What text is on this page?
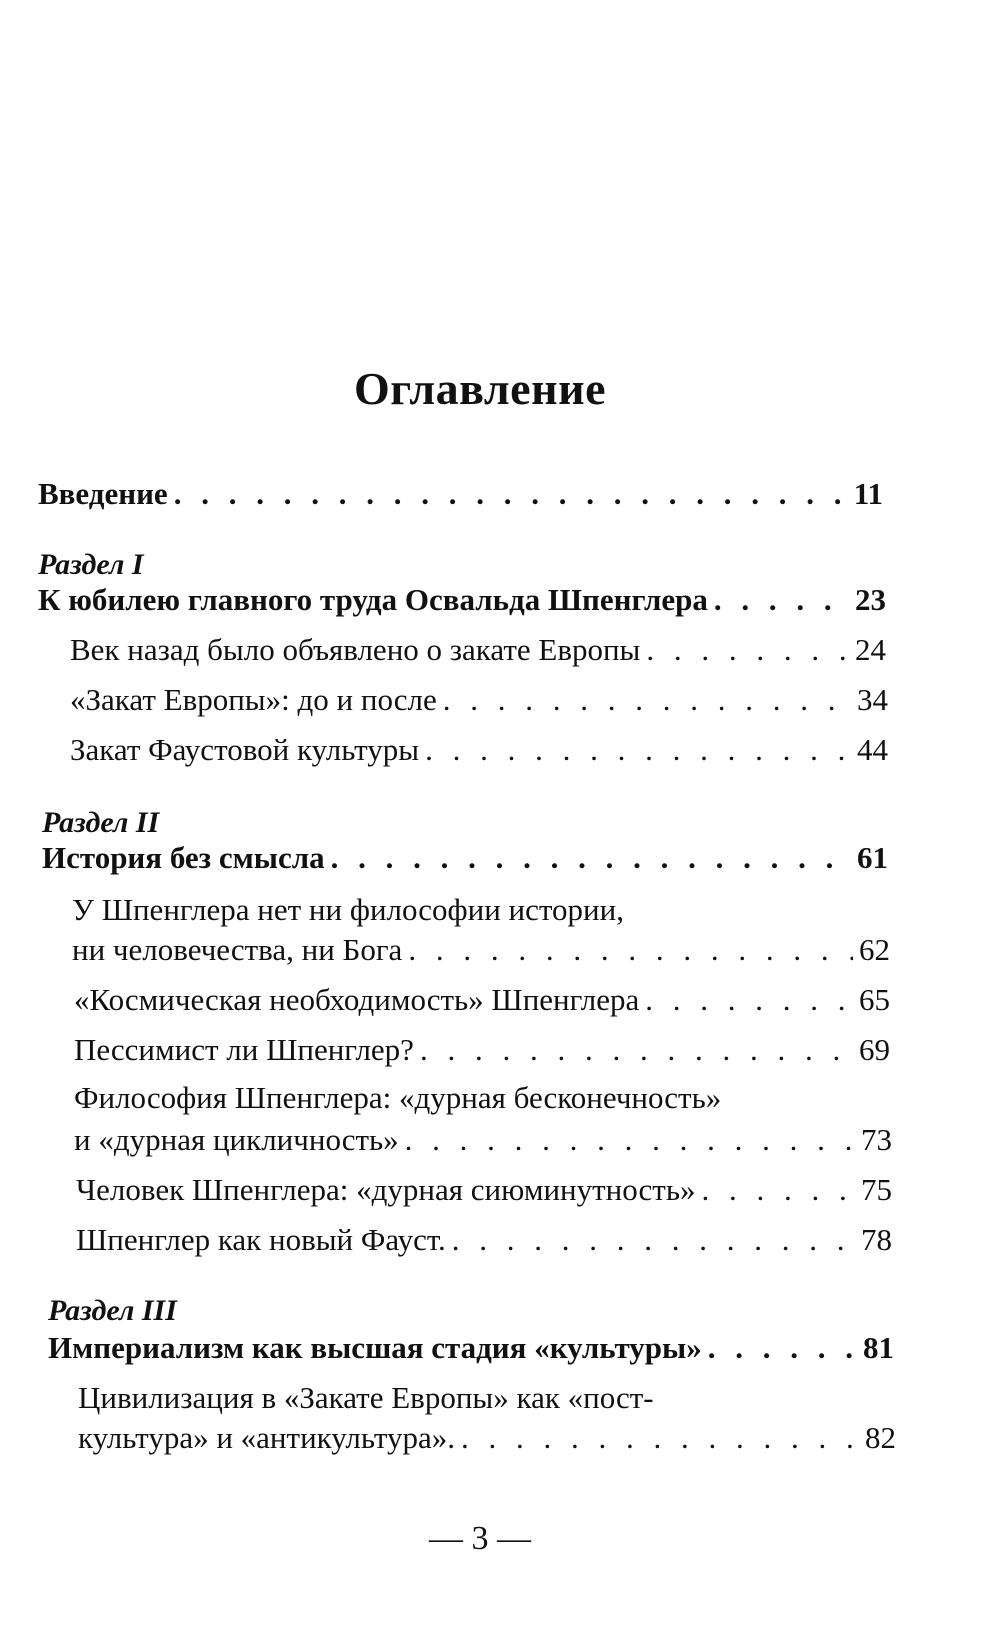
Оглавление
Введение . . .	11
Раздел I
К юбилею главного труда Освальда Шпенглера . . .	23
Век назад было объявлено о закате Европы . . .	24
«Закат Европы»: до и после . . .	34
Закат Фаустовой культуры . . .	44
Раздел II
История без смысла . . .	61
У Шпенглера нет ни философии истории,
ни человечества, ни Бога . . .	62
«Космическая необходимость» Шпенглера . . .	65
Пессимист ли Шпенглер? . . .	69
Философия Шпенглера: «дурная бесконечность»
и «дурная цикличность» . . .	73
Человек Шпенглера: «дурная сиюминутность» . . .	75
Шпенглер как новый Фауст. . . .	78
Раздел III
Империализм как высшая стадия «культуры» . . .	81
Цивилизация в «Закате Европы» как «пост-
культура» и «антикультура». . . .	82
— 3 —
